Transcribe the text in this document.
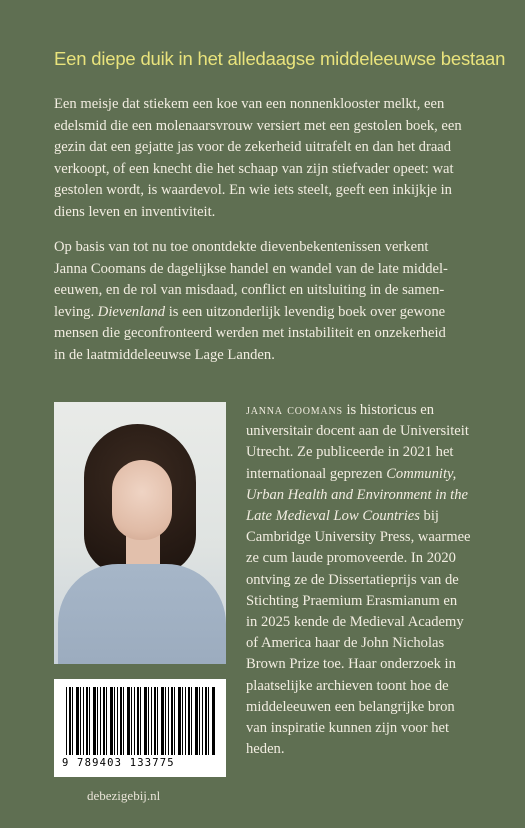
Een diepe duik in het alledaagse middeleeuwse bestaan
Een meisje dat stiekem een koe van een nonnenklooster melkt, een
edelsmid die een molenaarsvrouw versiert met een gestolen boek, een
gezin dat een gejatte jas voor de zekerheid uitrafelt en dan het draad
verkoopt, of een knecht die het schaap van zijn stiefvader opeet: wat
gestolen wordt, is waardevol. En wie iets steelt, geeft een inkijkje in
diens leven en inventiviteit.
Op basis van tot nu toe onontdekte dievenbekentenissen verkent
Janna Coomans de dagelijkse handel en wandel van de late middel-
eeuwen, en de rol van misdaad, conflict en uitsluiting in de samen-
leving. Dievenland is een uitzonderlijk levendig boek over gewone
mensen die geconfronteerd werden met instabiliteit en onzekerheid
in de laatmiddeleeuwse Lage Landen.
janna coomans is historicus en
universitair docent aan de Universiteit
Utrecht. Ze publiceerde in 2021 het
internationaal geprezen Community,
Urban Health and Environment in the
Late Medieval Low Countries bij
Cambridge University Press, waarmee
ze cum laude promoveerde. In 2020
ontving ze de Dissertatieprijs van de
Stichting Praemium Erasmianum en
in 2025 kende de Medieval Academy
of America haar de John Nicholas
Brown Prize toe. Haar onderzoek in
plaatselijke archieven toont hoe de
middeleeuwen een belangrijke bron
van inspiratie kunnen zijn voor het
heden.
9 789403 133775
debezigebij.nl
